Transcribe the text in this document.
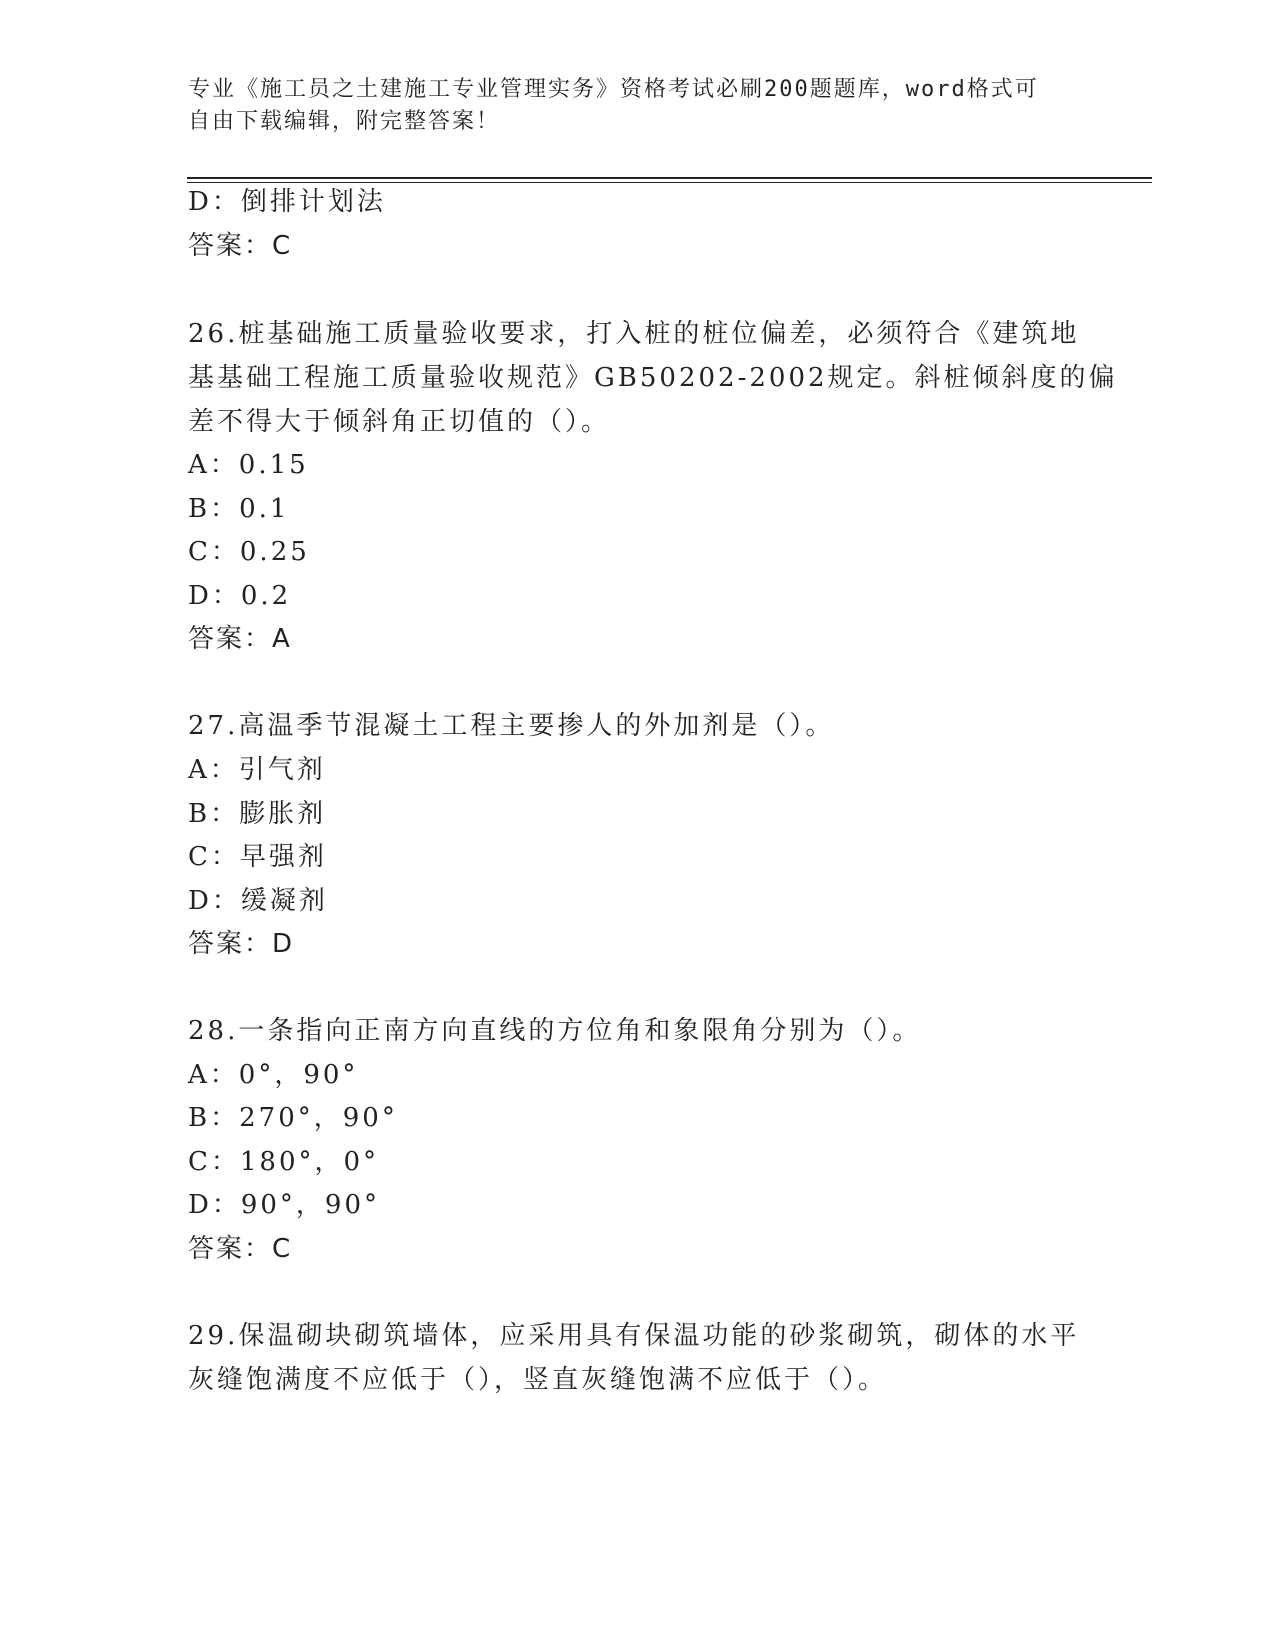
专业《施工员之土建施工专业管理实务》资格考试必刷200题题库，word格式可
自由下载编辑，附完整答案！
D：倒排计划法
答案：C
26.桩基础施工质量验收要求，打入桩的桩位偏差，必须符合《建筑地
基基础工程施工质量验收规范》GB50202-2002规定。斜桩倾斜度的偏
差不得大于倾斜角正切值的（）。
A：0.15
B：0.1
C：0.25
D：0.2
答案：A
27.高温季节混凝土工程主要掺人的外加剂是（）。
A：引气剂
B：膨胀剂
C：早强剂
D：缓凝剂
答案：D
28.一条指向正南方向直线的方位角和象限角分别为（）。
A：0°，90°
B：270°，90°
C：180°，0°
D：90°，90°
答案：C
29.保温砌块砌筑墙体，应采用具有保温功能的砂浆砌筑，砌体的水平
灰缝饱满度不应低于（），竖直灰缝饱满不应低于（）。
